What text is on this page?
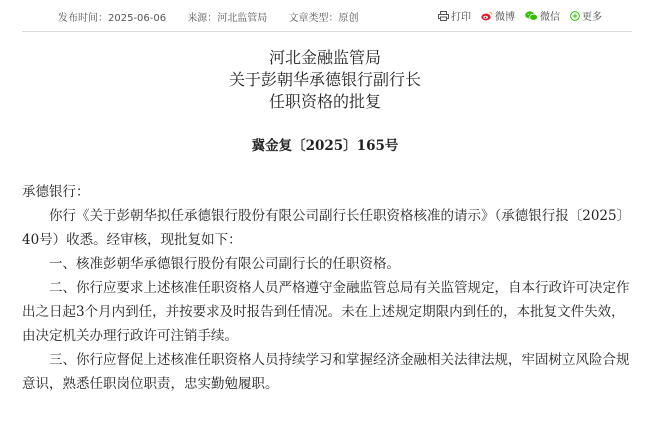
发布时间：2025-06-06 来源：河北监管局 文章类型：原创	打印 微博	微信 更多
河北金融监管局
关于彭朝华承德银行副行长
任职资格的批复
冀金复〔2025〕165号
承德银行：
你行《关于彭朝华拟任承德银行股份有限公司副行长任职资格核准的请示》（承德银行报〔2025〕40号）收悉。经审核，现批复如下：
一、核准彭朝华承德银行股份有限公司副行长的任职资格。
二、你行应要求上述核准任职资格人员严格遵守金融监管总局有关监管规定，自本行政许可决定作出之日起3个月内到任，并按要求及时报告到任情况。未在上述规定期限内到任的，本批复文件失效，由决定机关办理行政许可注销手续。
三、你行应督促上述核准任职资格人员持续学习和掌握经济金融相关法律法规，牢固树立风险合规意识，熟悉任职岗位职责，忠实勤勉履职。
